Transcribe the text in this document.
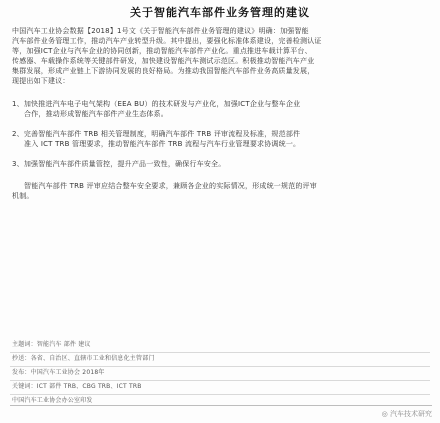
关于智能汽车部件业务管理的建议
中国汽车工业协会数据【2018】1号文《关于智能汽车部件业务管理的建议》明确：加强智能
汽车部件业务管理工作，推动汽车产业转型升级。其中提出，要强化标准体系建设，完善检测认证
等，加强ICT企业与汽车企业的协同创新，推动智能汽车部件产业化。重点推进车载计算平台、
传感器、车载操作系统等关键部件研发，加快建设智能汽车测试示范区。积极推动智能汽车产业
集群发展，形成产业链上下游协同发展的良好格局。为推动我国智能汽车部件业务高质量发展，
现提出如下建议：
1、加快推进汽车电子电气架构（EEA BU）的技术研发与产业化，加强ICT企业与整车企业
合作，推动形成智能汽车部件产业生态体系。
2、完善智能汽车部件 TRB 相关管理制度，明确汽车部件 TRB 评审流程及标准，规范部件
准入 ICT TRB 管理要求，推动智能汽车部件 TRB 流程与汽车行业管理要求协调统一。
3、加强智能汽车部件质量管控，提升产品一致性，确保行车安全。
智能汽车部件 TRB 评审应结合整车安全要求，兼顾各企业的实际情况，形成统一规范的评审
机制。
主题词：智能汽车 部件 建议
抄送：各省、自治区、直辖市工业和信息化主管部门
发布：中国汽车工业协会 2018年
关键词：ICT 部件 TRB、CBG TRB、ICT TRB
中国汽车工业协会办公室印发
◎ 汽车技术研究
